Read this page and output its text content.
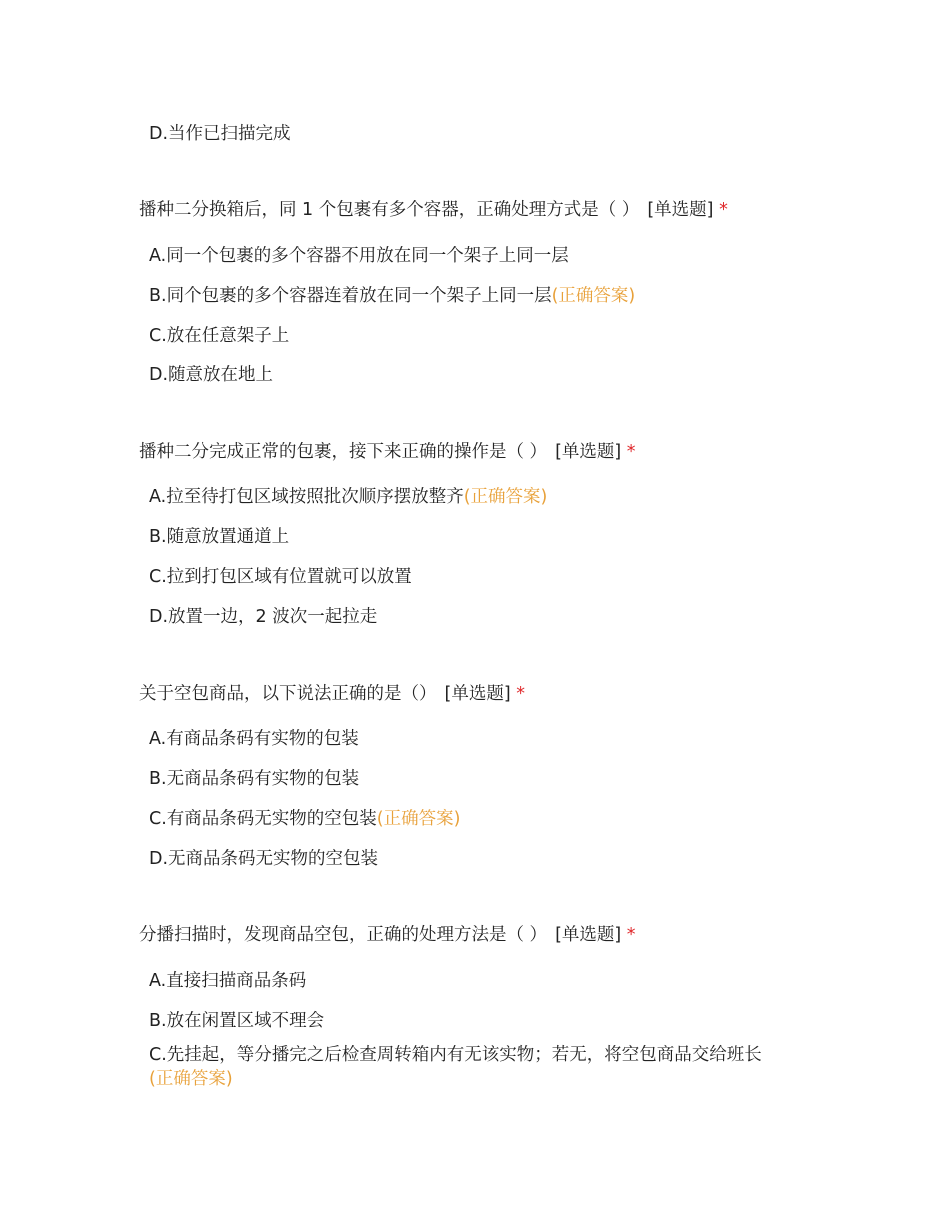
D.当作已扫描完成
播种二分换箱后，同 1 个包裹有多个容器，正确处理方式是（ ） [单选题] *
A.同一个包裹的多个容器不用放在同一个架子上同一层
B.同个包裹的多个容器连着放在同一个架子上同一层(正确答案)
C.放在任意架子上
D.随意放在地上
播种二分完成正常的包裹，接下来正确的操作是（ ） [单选题] *
A.拉至待打包区域按照批次顺序摆放整齐(正确答案)
B.随意放置通道上
C.拉到打包区域有位置就可以放置
D.放置一边，2 波次一起拉走
关于空包商品，以下说法正确的是（） [单选题] *
A.有商品条码有实物的包装
B.无商品条码有实物的包装
C.有商品条码无实物的空包装(正确答案)
D.无商品条码无实物的空包装
分播扫描时，发现商品空包，正确的处理方法是（ ） [单选题] *
A.直接扫描商品条码
B.放在闲置区域不理会
C.先挂起，等分播完之后检查周转箱内有无该实物；若无，将空包商品交给班长
(正确答案)
